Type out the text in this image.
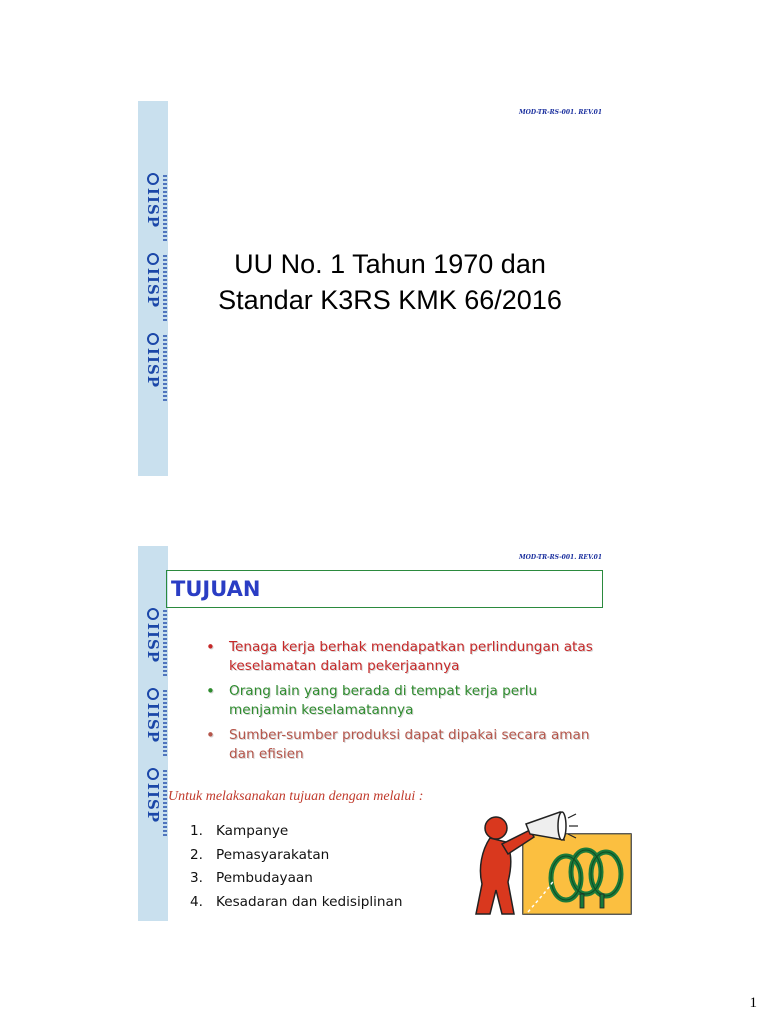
IISP
IISP
IISP
MOD-TR-RS-001. REV.01
UU No. 1 Tahun 1970 dan
Standar K3RS KMK 66/2016
IISP
IISP
IISP
MOD-TR-RS-001. REV.01
TUJUAN
• Tenaga kerja berhak mendapatkan perlindungan atas keselamatan dalam pekerjaannya
• Orang lain yang berada di tempat kerja perlu menjamin keselamatannya
• Sumber-sumber produksi dapat dipakai secara aman dan efisien
Untuk melaksanakan tujuan dengan melalui :
1. Kampanye
2. Pemasyarakatan
3. Pembudayaan
4. Kesadaran dan kedisiplinan
1
